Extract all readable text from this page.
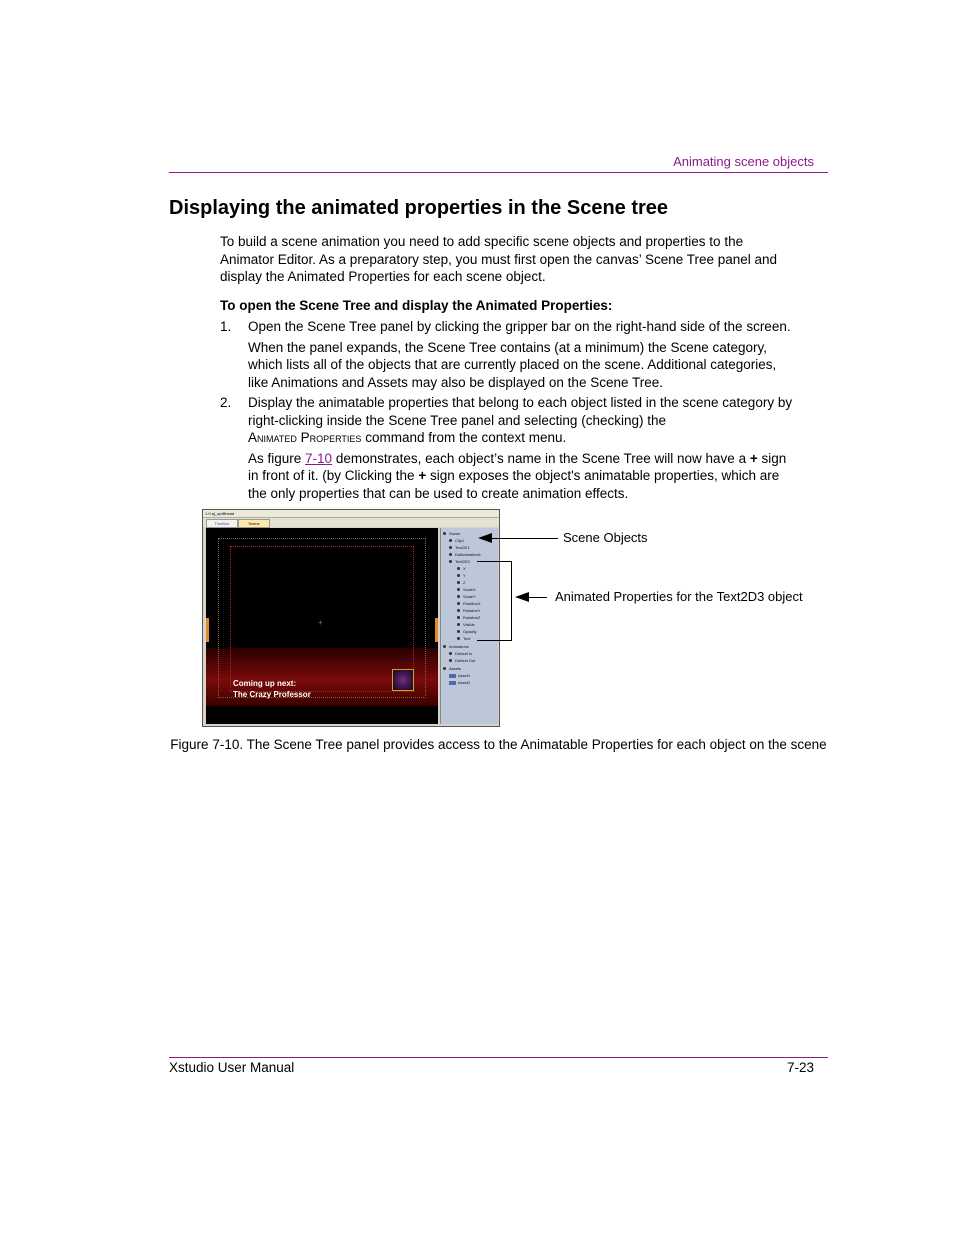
Animating scene objects
Displaying the animated properties in the Scene tree
To build a scene animation you need to add specific scene objects and properties to the Animator Editor. As a preparatory step, you must first open the canvas’ Scene Tree panel and display the Animated Properties for each scene object.
To open the Scene Tree and display the Animated Properties:
1. Open the Scene Tree panel by clicking the gripper bar on the right-hand side of the screen.

When the panel expands, the Scene Tree contains (at a minimum) the Scene category, which lists all of the objects that are currently placed on the scene. Additional categories, like Animations and Assets may also be displayed on the Scene Tree.

2. Display the animatable properties that belong to each object listed in the scene category by right-clicking inside the Scene Tree panel and selecting (checking) the
Animated Properties command from the context menu.

As figure 7-10 demonstrates, each object’s name in the Scene Tree will now have a + sign in front of it. (by Clicking the + sign exposes the object's animatable properties, which are the only properties that can be used to create animation effects.

1.0 aj_optBhead
Timeline	Scene
+
Coming up next:
The Crazy Professor
Scene
Clip1
Text2D1
DsfAnimation1
Text2D3
X
Y
Z
ScaleX
ScaleY
RotationX
RotationY
RotationZ
Visible
Opacity
Text
Animations
Default In
Default Out
Assets
Asset1
Asset2
Scene Objects
Animated Properties for the Text2D3 object
Figure 7-10. The Scene Tree panel provides access to the Animatable Properties for each object on the scene
Xstudio User Manual	7-23
